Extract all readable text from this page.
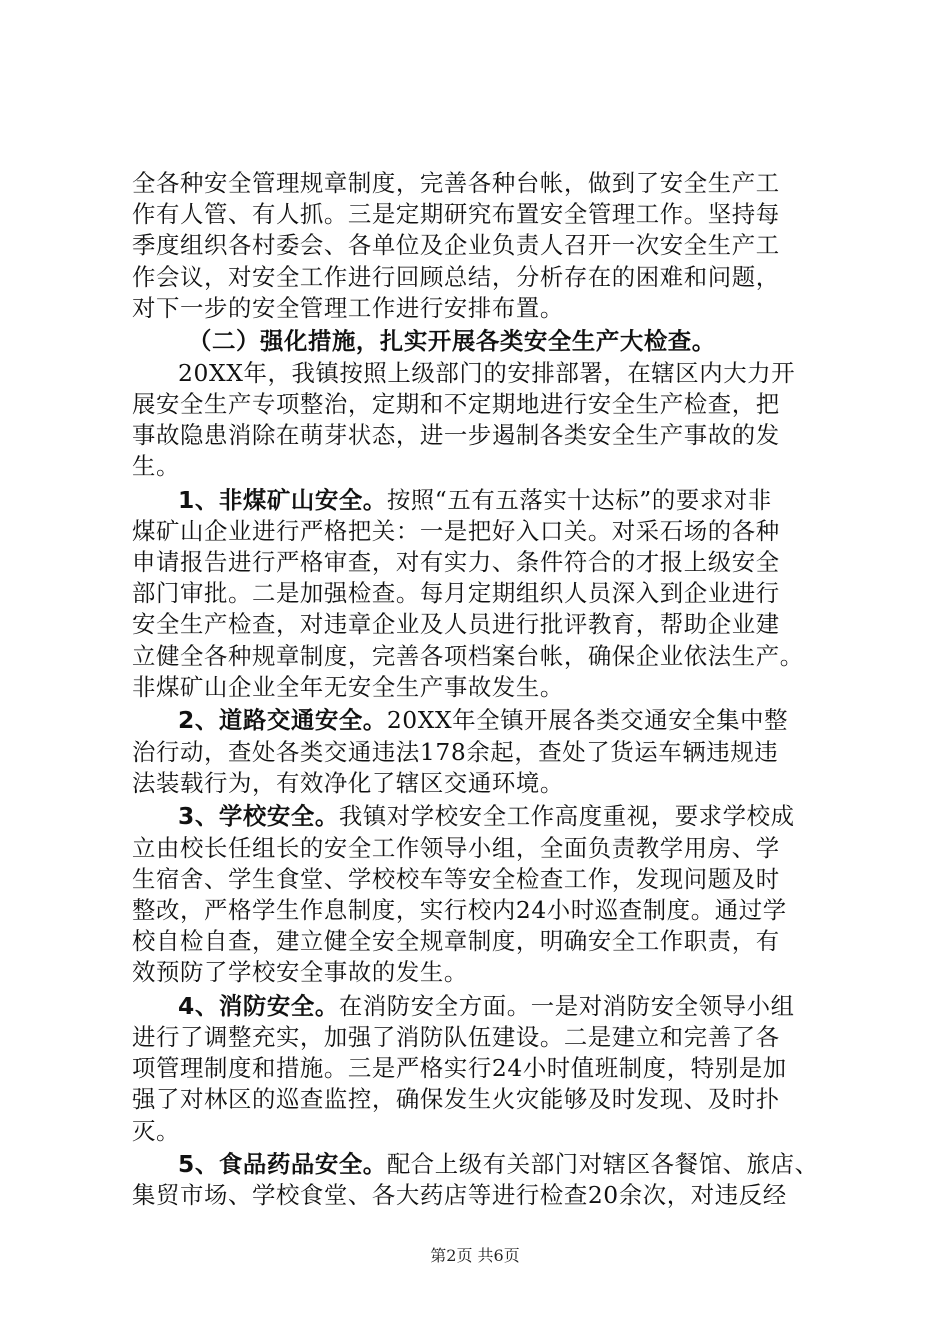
全各种安全管理规章制度，完善各种台帐，做到了安全生产工
作有人管、有人抓。三是定期研究布置安全管理工作。坚持每
季度组织各村委会、各单位及企业负责人召开一次安全生产工
作会议，对安全工作进行回顾总结，分析存在的困难和问题，
对下一步的安全管理工作进行安排布置。
（二）强化措施，扎实开展各类安全生产大检查。
20XX年，我镇按照上级部门的安排部署，在辖区内大力开
展安全生产专项整治，定期和不定期地进行安全生产检查，把
事故隐患消除在萌芽状态，进一步遏制各类安全生产事故的发
生。
1、非煤矿山安全。按照“五有五落实十达标”的要求对非
煤矿山企业进行严格把关：一是把好入口关。对采石场的各种
申请报告进行严格审查，对有实力、条件符合的才报上级安全
部门审批。二是加强检查。每月定期组织人员深入到企业进行
安全生产检查，对违章企业及人员进行批评教育，帮助企业建
立健全各种规章制度，完善各项档案台帐，确保企业依法生产。
非煤矿山企业全年无安全生产事故发生。
2、道路交通安全。20XX年全镇开展各类交通安全集中整
治行动，查处各类交通违法178余起，查处了货运车辆违规违
法装载行为，有效净化了辖区交通环境。
3、学校安全。我镇对学校安全工作高度重视，要求学校成
立由校长任组长的安全工作领导小组，全面负责教学用房、学
生宿舍、学生食堂、学校校车等安全检查工作，发现问题及时
整改，严格学生作息制度，实行校内24小时巡查制度。通过学
校自检自查，建立健全安全规章制度，明确安全工作职责，有
效预防了学校安全事故的发生。
4、消防安全。在消防安全方面。一是对消防安全领导小组
进行了调整充实，加强了消防队伍建设。二是建立和完善了各
项管理制度和措施。三是严格实行24小时值班制度，特别是加
强了对林区的巡查监控，确保发生火灾能够及时发现、及时扑
灭。
5、食品药品安全。配合上级有关部门对辖区各餐馆、旅店、
集贸市场、学校食堂、各大药店等进行检查20余次，对违反经
第2页 共6页
